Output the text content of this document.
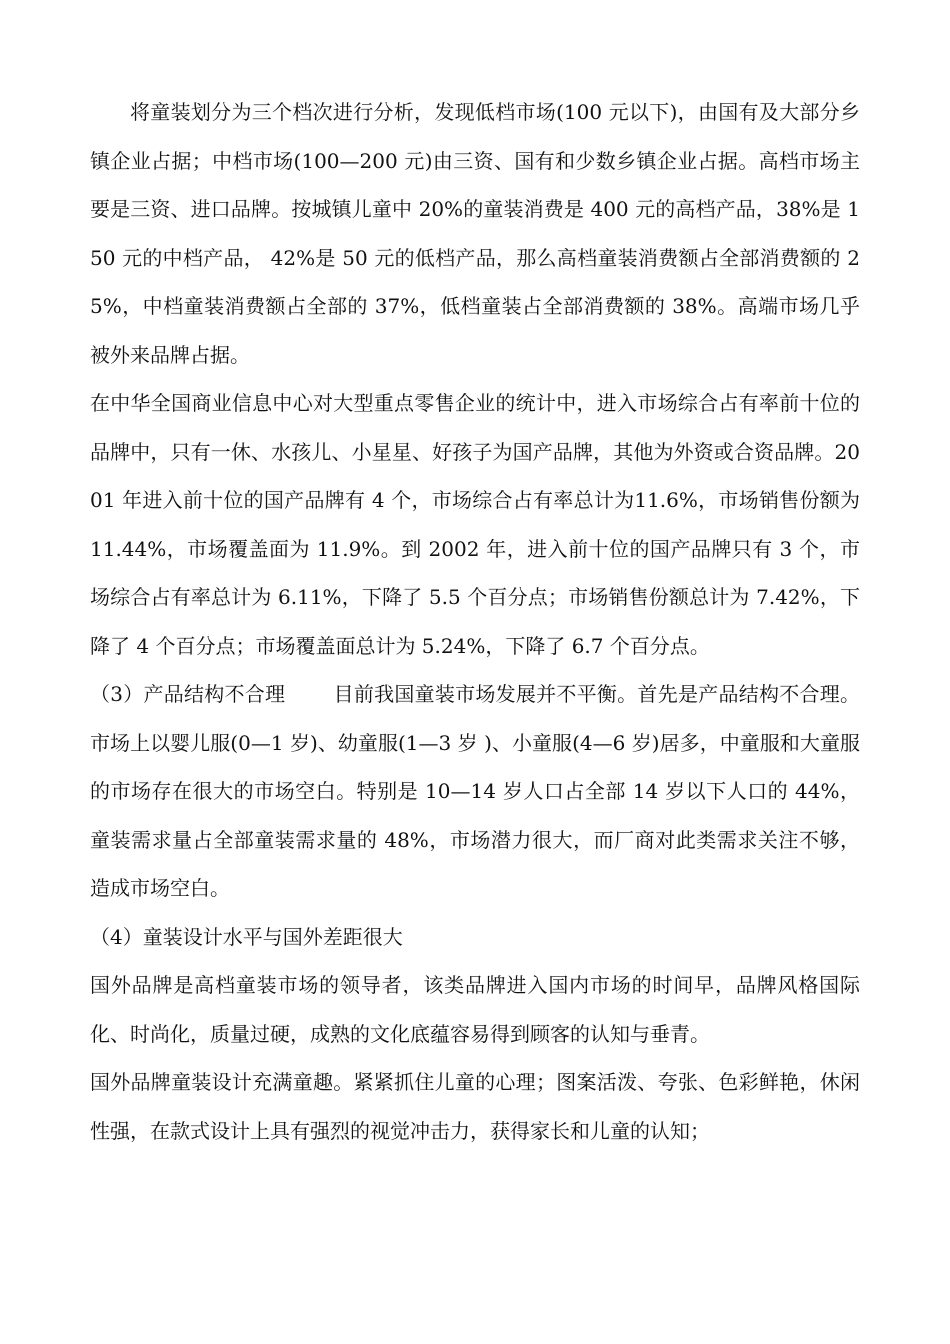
将童装划分为三个档次进行分析，发现低档市场(100 元以下)，由国有及大部分乡镇企业占据；中档市场(100—200 元)由三资、国有和少数乡镇企业占据。高档市场主要是三资、进口品牌。按城镇儿童中 20%的童装消费是 400 元的高档产品，38%是 150 元的中档产品， 42%是 50 元的低档产品，那么高档童装消费额占全部消费额的 25%，中档童装消费额占全部的 37%，低档童装占全部消费额的 38%。高端市场几乎被外来品牌占据。

在中华全国商业信息中心对大型重点零售企业的统计中，进入市场综合占有率前十位的品牌中，只有一休、水孩儿、小星星、好孩子为国产品牌，其他为外资或合资品牌。2001 年进入前十位的国产品牌有 4 个，市场综合占有率总计为11.6%，市场销售份额为 11.44%，市场覆盖面为 11.9%。到 2002 年，进入前十位的国产品牌只有 3 个，市场综合占有率总计为 6.11%，下降了 5.5 个百分点；市场销售份额总计为 7.42%，下降了 4 个百分点；市场覆盖面总计为 5.24%，下降了 6.7 个百分点。

（3）产品结构不合理 目前我国童装市场发展并不平衡。首先是产品结构不合理。市场上以婴儿服(0—1 岁)、幼童服(1—3 岁 )、小童服(4—6 岁)居多，中童服和大童服的市场存在很大的市场空白。特别是 10—14 岁人口占全部 14 岁以下人口的 44%，童装需求量占全部童装需求量的 48%，市场潜力很大，而厂商对此类需求关注不够，造成市场空白。

（4）童装设计水平与国外差距很大

国外品牌是高档童装市场的领导者，该类品牌进入国内市场的时间早，品牌风格国际化、时尚化，质量过硬，成熟的文化底蕴容易得到顾客的认知与垂青。

国外品牌童装设计充满童趣。紧紧抓住儿童的心理；图案活泼、夸张、色彩鲜艳，休闲性强，在款式设计上具有强烈的视觉冲击力，获得家长和儿童的认知；
